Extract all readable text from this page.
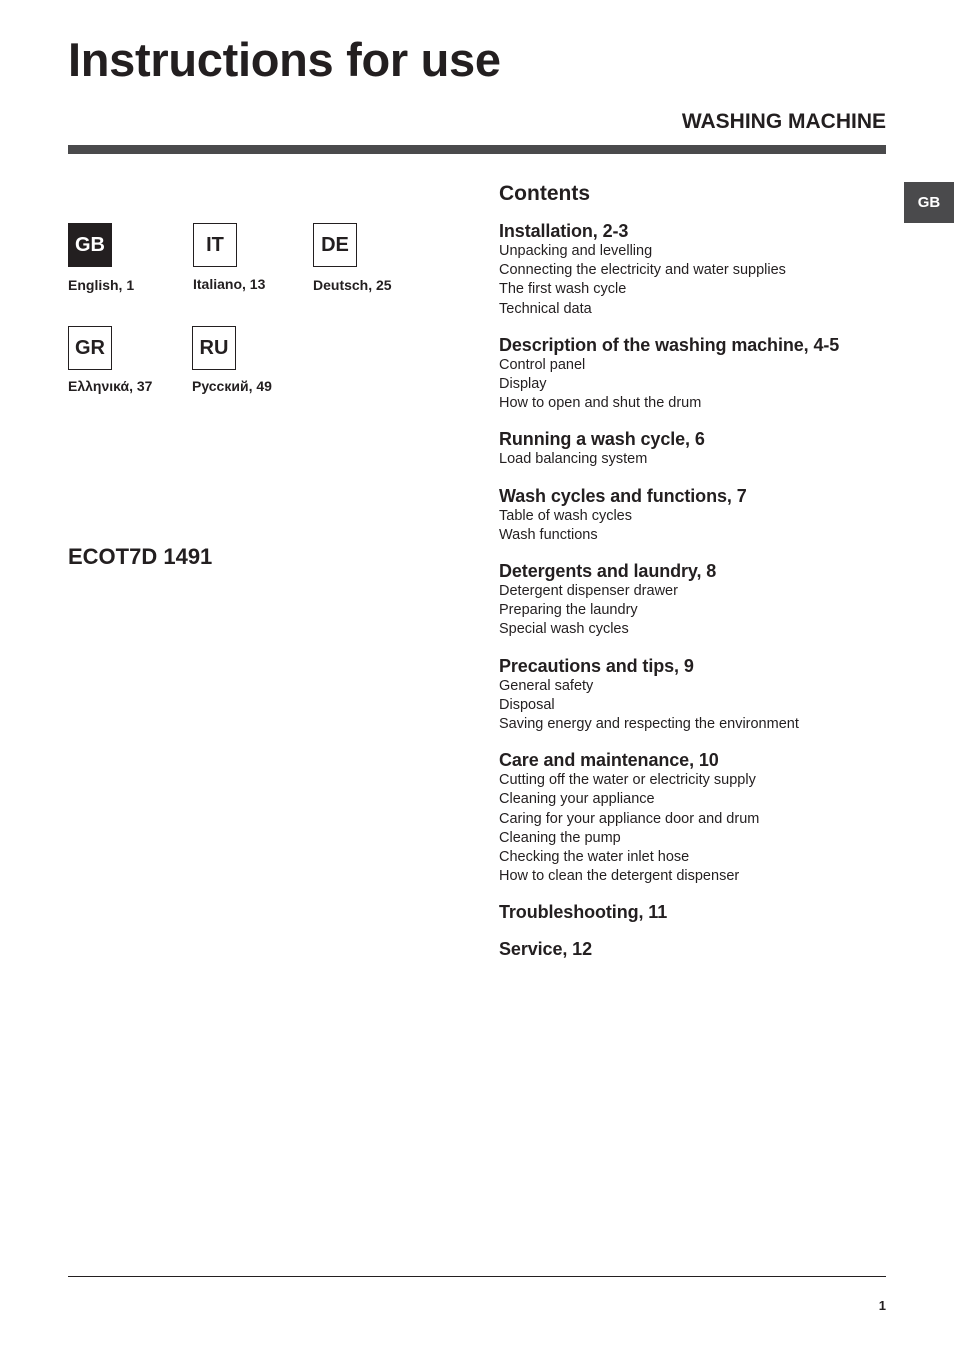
Instructions for use
WASHING MACHINE
GB
GB
English, 1
IT
Italiano, 13
DE
Deutsch, 25
GR
Ελληνικά, 37
RU
Русский, 49
ECOT7D 1491
Contents
Installation, 2-3
Unpacking and levelling
Connecting the electricity and water supplies
The first wash cycle
Technical data
Description of the washing machine, 4-5
Control panel
Display
How to open and shut the drum
Running a wash cycle, 6
Load balancing system
Wash cycles and functions, 7
Table of wash cycles
Wash functions
Detergents and laundry, 8
Detergent dispenser drawer
Preparing the laundry
Special wash cycles
Precautions and tips, 9
General safety
Disposal
Saving energy and respecting the environment
Care and maintenance, 10
Cutting off the water or electricity supply
Cleaning your appliance
Caring for your appliance door and drum
Cleaning the pump
Checking the water inlet hose
How to clean the detergent dispenser
Troubleshooting, 11
Service, 12
1
